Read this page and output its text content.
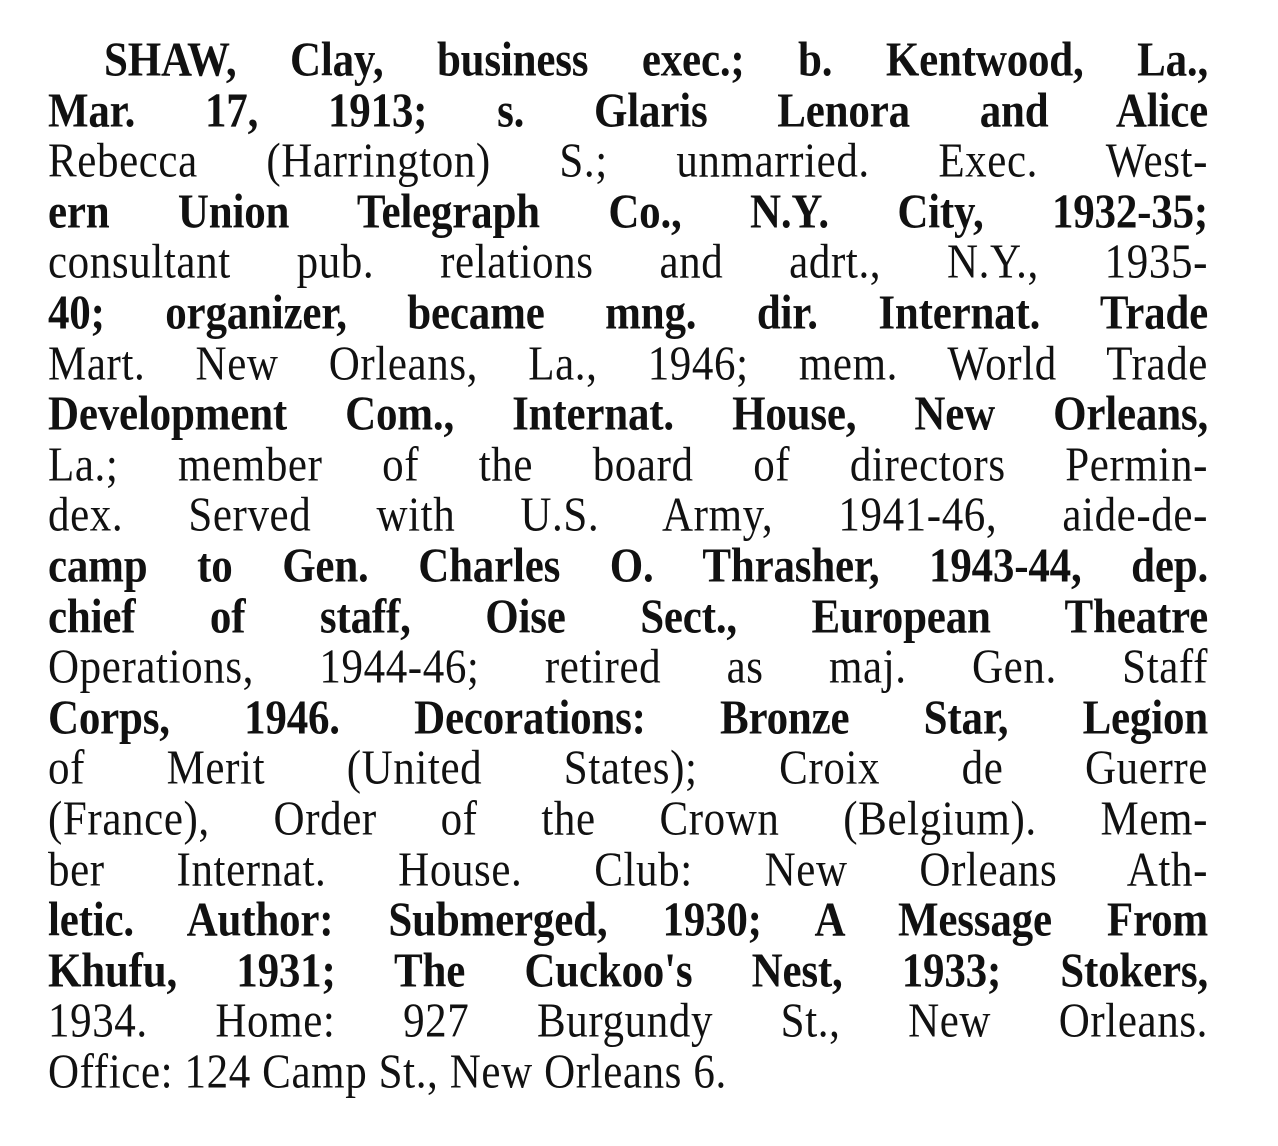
SHAW, Clay, business exec.; b. Kentwood, La.,
Mar. 17, 1913; s. Glaris Lenora and Alice
Rebecca (Harrington) S.; unmarried. Exec. West-
ern Union Telegraph Co., N.Y. City, 1932-35;
consultant pub. relations and adrt., N.Y., 1935-
40; organizer, became mng. dir. Internat. Trade
Mart. New Orleans, La., 1946; mem. World Trade
Development Com., Internat. House, New Orleans,
La.; member of the board of directors Permin-
dex. Served with U.S. Army, 1941-46, aide-de-
camp to Gen. Charles O. Thrasher, 1943-44, dep.
chief of staff, Oise Sect., European Theatre
Operations, 1944-46; retired as maj. Gen. Staff
Corps, 1946. Decorations: Bronze Star, Legion
of Merit (United States); Croix de Guerre
(France), Order of the Crown (Belgium). Mem-
ber Internat. House. Club: New Orleans Ath-
letic. Author: Submerged, 1930; A Message From
Khufu, 1931; The Cuckoo's Nest, 1933; Stokers,
1934. Home: 927 Burgundy St., New Orleans.
Office: 124 Camp St., New Orleans 6.
